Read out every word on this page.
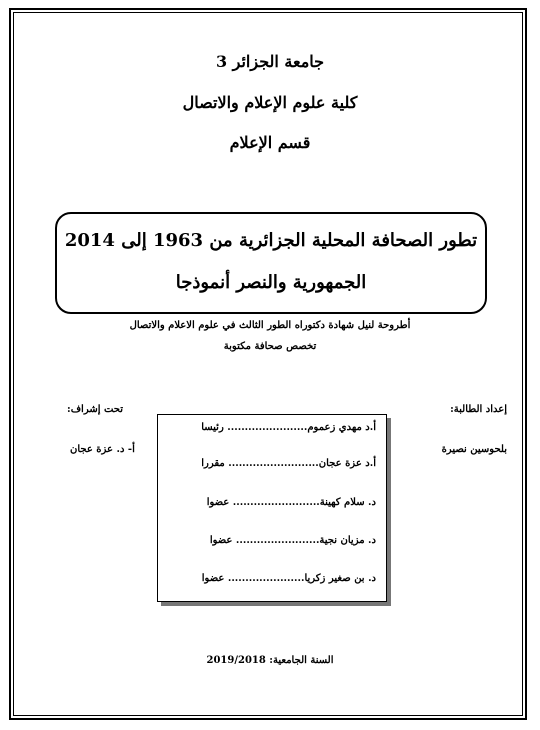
جامعة الجزائر 3
كلية علوم الإعلام والاتصال
قسم الإعلام
تطور الصحافة المحلية الجزائرية من 1963 إلى 2014
الجمهورية والنصر أنموذجا
أطروحة لنيل شهادة دكتوراه الطور الثالث في علوم الاعلام والاتصال
تخصص صحافة مكتوبة
إعداد الطالبة:
بلحوسين نصيرة
تحت إشراف:
أ- د. عزة عجان
أ.د مهدي زعموم....................... رئيسا
أ.د عزة عجان.......................... مقررا
د. سلام كهينة......................... عضوا
د. مزيان نجية........................ عضوا
د. بن صغير زكريا...................... عضوا
السنة الجامعية: 2019/2018
